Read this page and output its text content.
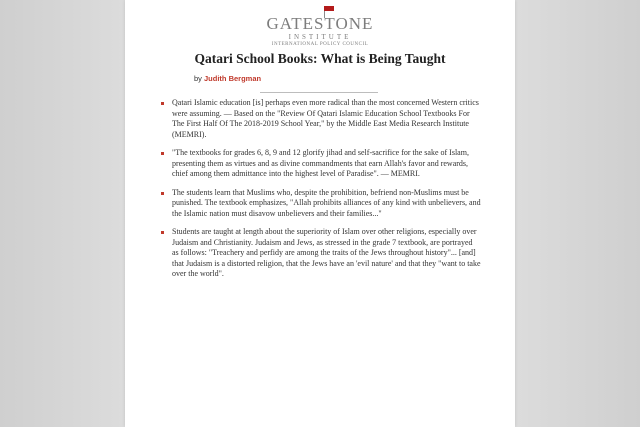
GATESTONE
INSTITUTE
INTERNATIONAL POLICY COUNCIL
Qatari School Books: What is Being Taught
by Judith Bergman
Qatari Islamic education [is] perhaps even more radical than the most concerned Western critics were assuming. — Based on the "Review Of Qatari Islamic Education School Textbooks For The First Half Of The 2018-2019 School Year," by the Middle East Media Research Institute (MEMRI).
"The textbooks for grades 6, 8, 9 and 12 glorify jihad and self-sacrifice for the sake of Islam, presenting them as virtues and as divine commandments that earn Allah's favor and rewards, chief among them admittance into the highest level of Paradise". — MEMRI.
The students learn that Muslims who, despite the prohibition, befriend non-Muslims must be punished. The textbook emphasizes, "Allah prohibits alliances of any kind with unbelievers, and the Islamic nation must disavow unbelievers and their families..."
Students are taught at length about the superiority of Islam over other religions, especially over Judaism and Christianity. Judaism and Jews, as stressed in the grade 7 textbook, are portrayed as follows: "Treachery and perfidy are among the traits of the Jews throughout history"... [and] that Judaism is a distorted religion, that the Jews have an 'evil nature' and that they "want to take over the world".
